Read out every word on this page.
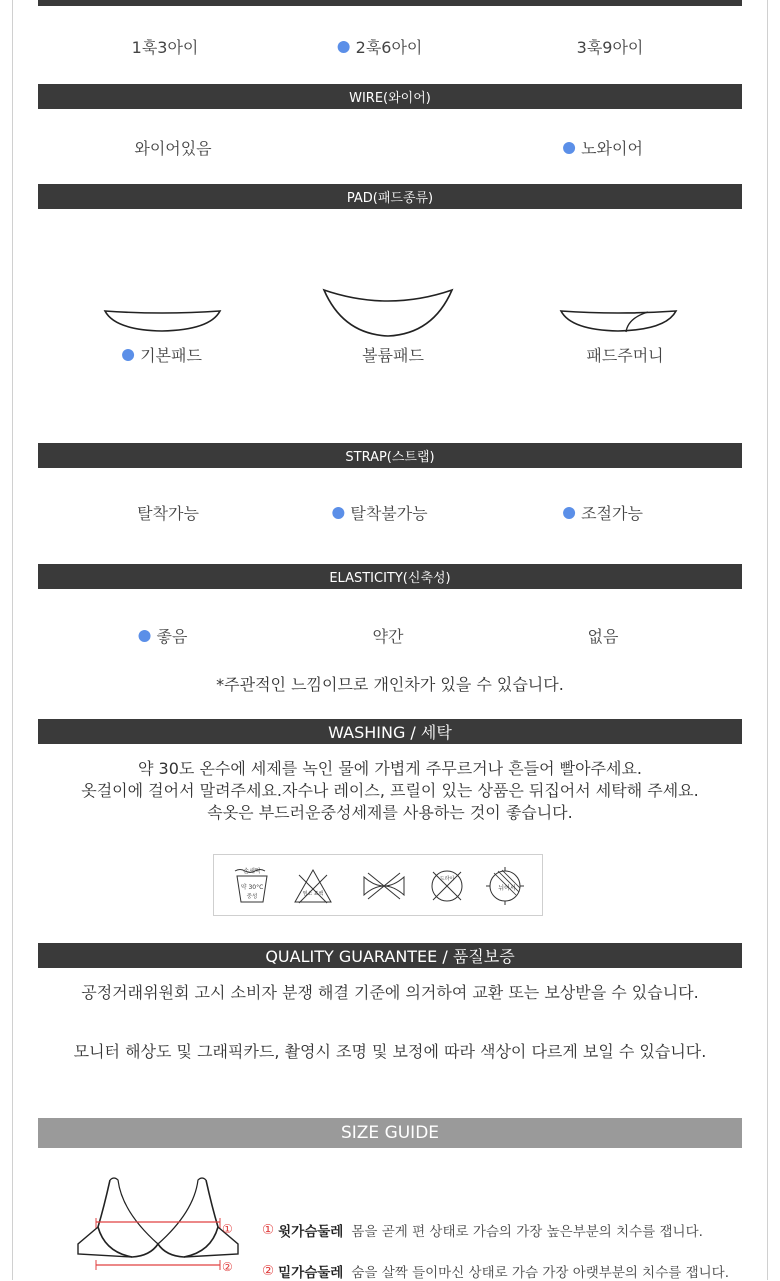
1훅3아이	2훅6아이	3훅9아이
WIRE(와이어)
와이어있음	노와이어
PAD(패드종류)
기본패드	볼륨패드	패드주머니
STRAP(스트랩)
탈착가능	탈착불가능	조절가능
ELASTICITY(신축성)
좋음	약간	없음
*주관적인 느낌이므로 개인차가 있을 수 있습니다.
WASHING / 세탁
약 30도 온수에 세제를 녹인 물에 가볍게 주무르거나 흔들어 빨아주세요.
옷걸이에 걸어서 말려주세요.자수나 레이스, 프릴이 있는 상품은 뒤집어서 세탁해 주세요.
속옷은 부드러운중성세제를 사용하는 것이 좋습니다.
손세탁
약 30°C
중성	염소 표백
드라이
뉘어서
QUALITY GUARANTEE / 품질보증
공정거래위원회 고시 소비자 분쟁 해결 기준에 의거하여 교환 또는 보상받을 수 있습니다.
모니터 해상도 및 그래픽카드, 촬영시 조명 및 보정에 따라 색상이 다르게 보일 수 있습니다.
SIZE GUIDE
①
②
① 윗가슴둘레 몸을 곧게 편 상태로 가슴의 가장 높은부분의 치수를 잽니다.
② 밑가슴둘레 숨을 살짝 들이마신 상태로 가슴 가장 아랫부분의 치수를 잽니다.
